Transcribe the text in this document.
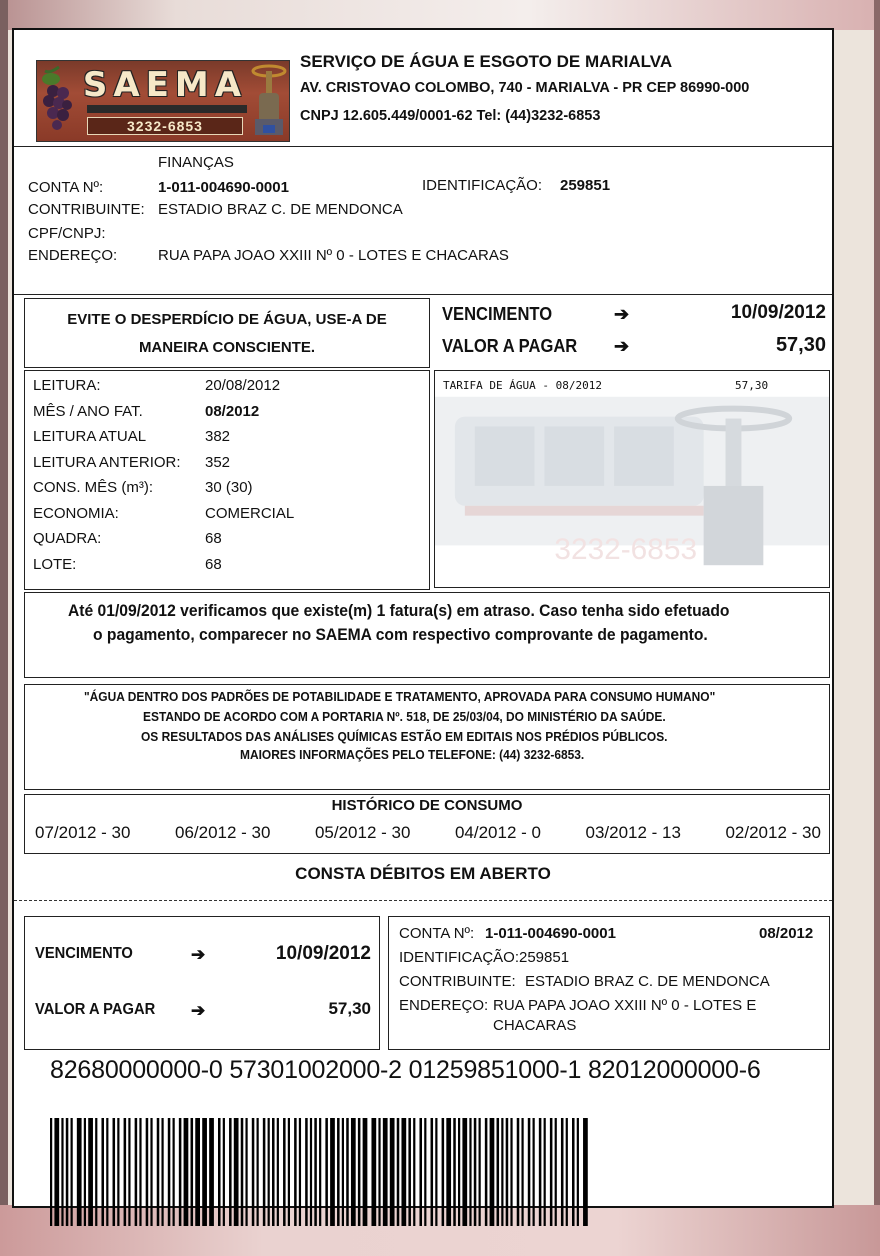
SAEMA
3232-6853
SERVIÇO DE ÁGUA E ESGOTO DE MARIALVA
AV. CRISTOVAO COLOMBO, 740 - MARIALVA - PR CEP 86990-000
CNPJ 12.605.449/0001-62 Tel: (44)3232-6853
FINANÇAS
CONTA Nº:	1-011-004690-0001	IDENTIFICAÇÃO: 259851
CONTRIBUINTE: ESTADIO BRAZ C. DE MENDONCA
CPF/CNPJ:
ENDEREÇO:	RUA PAPA JOAO XXIII Nº 0 - LOTES E CHACARAS
EVITE O DESPERDÍCIO DE ÁGUA, USE-A DE
MANEIRA CONSCIENTE.
VENCIMENTO	➔	10/09/2012
VALOR A PAGAR	➔	57,30
LEITURA:	20/08/2012
MÊS / ANO FAT.	08/2012
LEITURA ATUAL	382
LEITURA ANTERIOR: 352
CONS. MÊS (m³):	30 (30)
ECONOMIA:	COMERCIAL
QUADRA:	68
LOTE:	68	3232-6853
TARIFA DE ÁGUA - 08/2012	57,30
Até 01/09/2012 verificamos que existe(m) 1 fatura(s) em atraso. Caso tenha sido efetuado
o pagamento, comparecer no SAEMA com respectivo comprovante de pagamento.
"ÁGUA DENTRO DOS PADRÕES DE POTABILIDADE E TRATAMENTO, APROVADA PARA CONSUMO HUMANO"
ESTANDO DE ACORDO COM A PORTARIA Nº. 518, DE 25/03/04, DO MINISTÉRIO DA SAÚDE.
OS RESULTADOS DAS ANÁLISES QUÍMICAS ESTÃO EM EDITAIS NOS PRÉDIOS PÚBLICOS.
MAIORES INFORMAÇÕES PELO TELEFONE: (44) 3232-6853.
HISTÓRICO DE CONSUMO
07/2012 - 30	06/2012 - 30	05/2012 - 30	04/2012 - 0	03/2012 - 13	02/2012 - 30
CONSTA DÉBITOS EM ABERTO
VENCIMENTO	➔	10/09/2012
VALOR A PAGAR	➔	57,30
CONTA Nº: 1-011-004690-0001	08/2012
IDENTIFICAÇÃO: 259851
CONTRIBUINTE: ESTADIO BRAZ C. DE MENDONCA
ENDEREÇO: RUA PAPA JOAO XXIII Nº 0 - LOTES E
CHACARAS
82680000000-0 57301002000-2 01259851000-1 82012000000-6
